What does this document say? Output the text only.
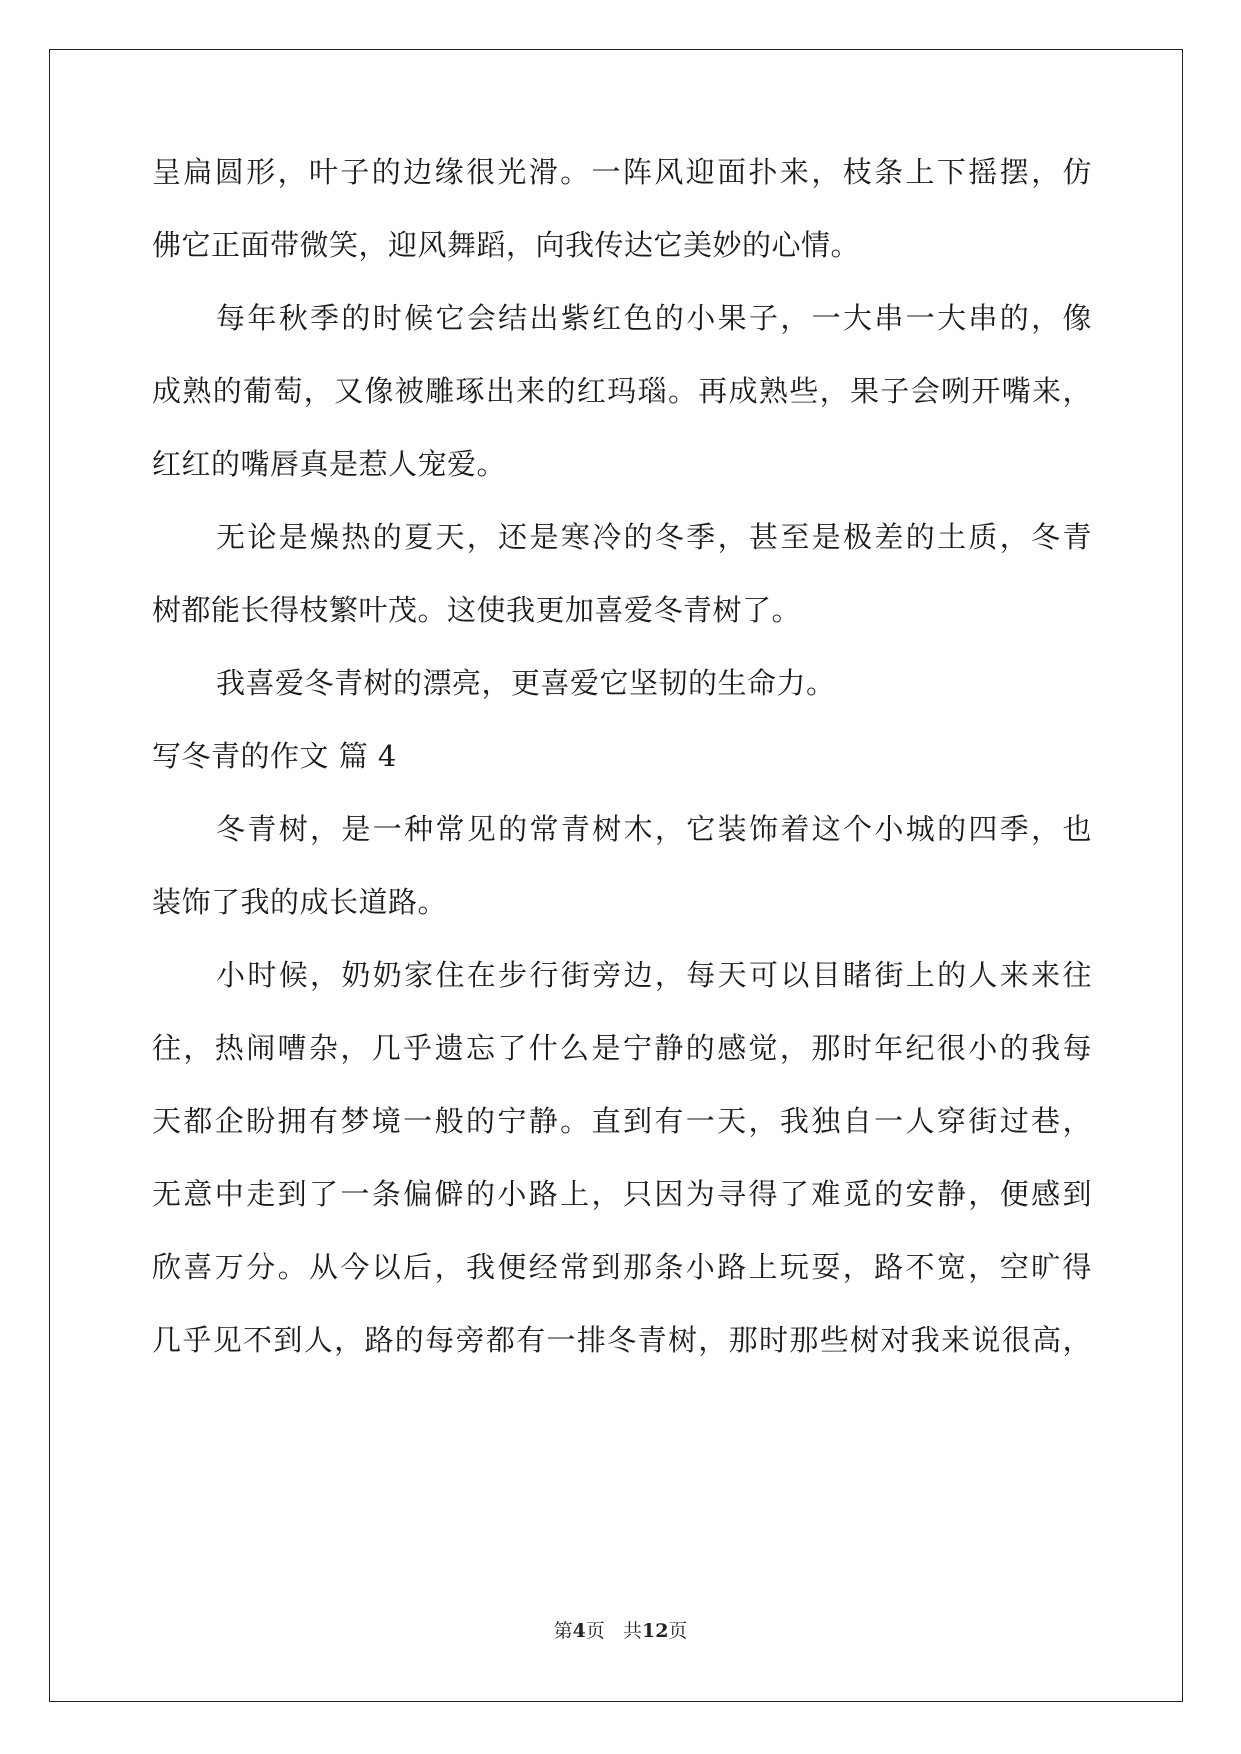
呈扁圆形，叶子的边缘很光滑。一阵风迎面扑来，枝条上下摇摆，仿
佛它正面带微笑，迎风舞蹈，向我传达它美妙的心情。
每年秋季的时候它会结出紫红色的小果子，一大串一大串的，像
成熟的葡萄，又像被雕琢出来的红玛瑙。再成熟些，果子会咧开嘴来，
红红的嘴唇真是惹人宠爱。
无论是燥热的夏天，还是寒冷的冬季，甚至是极差的土质，冬青
树都能长得枝繁叶茂。这使我更加喜爱冬青树了。
我喜爱冬青树的漂亮，更喜爱它坚韧的生命力。
写冬青的作文 篇 4
冬青树，是一种常见的常青树木，它装饰着这个小城的四季，也
装饰了我的成长道路。
小时候，奶奶家住在步行街旁边，每天可以目睹街上的人来来往
往，热闹嘈杂，几乎遗忘了什么是宁静的感觉，那时年纪很小的我每
天都企盼拥有梦境一般的宁静。直到有一天，我独自一人穿街过巷，
无意中走到了一条偏僻的小路上，只因为寻得了难觅的安静，便感到
欣喜万分。从今以后，我便经常到那条小路上玩耍，路不宽，空旷得
几乎见不到人，路的每旁都有一排冬青树，那时那些树对我来说很高，
第4页 共12页
